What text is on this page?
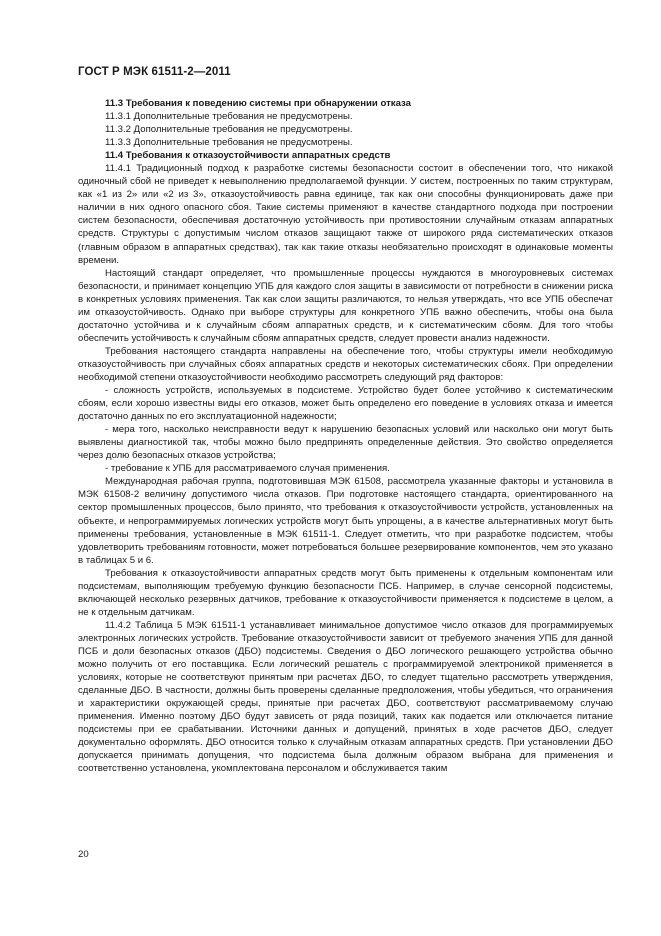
ГОСТ Р МЭК 61511-2—2011

11.3 Требования к поведению системы при обнаружении отказа

11.3.1 Дополнительные требования не предусмотрены.

11.3.2 Дополнительные требования не предусмотрены.

11.3.3 Дополнительные требования не предусмотрены.

11.4 Требования к отказоустойчивости аппаратных средств

11.4.1 Традиционный подход к разработке системы безопасности состоит в обеспечении того, что никакой одиночный сбой не приведет к невыполнению предполагаемой функции. У систем, построенных по таким структурам, как «1 из 2» или «2 из 3», отказоустойчивость равна единице, так как они способны функционировать даже при наличии в них одного опасного сбоя. Такие системы применяют в качестве стандартного подхода при построении систем безопасности, обеспечивая достаточную устойчивость при противостоянии случайным отказам аппаратных средств. Структуры с допустимым числом отказов защищают также от широкого ряда систематических отказов (главным образом в аппаратных средствах), так как такие отказы необязательно происходят в одинаковые моменты времени.

Настоящий стандарт определяет, что промышленные процессы нуждаются в многоуровневых системах безопасности, и принимает концепцию УПБ для каждого слоя защиты в зависимости от потребности в снижении риска в конкретных условиях применения. Так как слои защиты различаются, то нельзя утверждать, что все УПБ обеспечат им отказоустойчивость. Однако при выборе структуры для конкретного УПБ важно обеспечить, чтобы она была достаточно устойчива и к случайным сбоям аппаратных средств, и к систематическим сбоям. Для того чтобы обеспечить устойчивость к случайным сбоям аппаратных средств, следует провести анализ надежности.

Требования настоящего стандарта направлены на обеспечение того, чтобы структуры имели необходимую отказоустойчивость при случайных сбоях аппаратных средств и некоторых систематических сбоях. При определении необходимой степени отказоустойчивости необходимо рассмотреть следующий ряд факторов:

- сложность устройств, используемых в подсистеме. Устройство будет более устойчиво к систематическим сбоям, если хорошо известны виды его отказов, может быть определено его поведение в условиях отказа и имеется достаточно данных по его эксплуатационной надежности;

- мера того, насколько неисправности ведут к нарушению безопасных условий или насколько они могут быть выявлены диагностикой так, чтобы можно было предпринять определенные действия. Это свойство определяется через долю безопасных отказов устройства;

- требование к УПБ для рассматриваемого случая применения.

Международная рабочая группа, подготовившая МЭК 61508, рассмотрела указанные факторы и установила в МЭК 61508-2 величину допустимого числа отказов. При подготовке настоящего стандарта, ориентированного на сектор промышленных процессов, было принято, что требования к отказоустойчивости устройств, установленных на объекте, и непрограммируемых логических устройств могут быть упрощены, а в качестве альтернативных могут быть применены требования, установленные в МЭК 61511-1. Следует отметить, что при разработке подсистем, чтобы удовлетворить требованиям готовности, может потребоваться большее резервирование компонентов, чем это указано в таблицах 5 и 6.

Требования к отказоустойчивости аппаратных средств могут быть применены к отдельным компонентам или подсистемам, выполняющим требуемую функцию безопасности ПСБ. Например, в случае сенсорной подсистемы, включающей несколько резервных датчиков, требование к отказоустойчивости применяется к подсистеме в целом, а не к отдельным датчикам.

11.4.2 Таблица 5 МЭК 61511-1 устанавливает минимальное допустимое число отказов для программируемых электронных логических устройств. Требование отказоустойчивости зависит от требуемого значения УПБ для данной ПСБ и доли безопасных отказов (ДБО) подсистемы. Сведения о ДБО логического решающего устройства обычно можно получить от его поставщика. Если логический решатель с программируемой электроникой применяется в условиях, которые не соответствуют принятым при расчетах ДБО, то следует тщательно рассмотреть утверждения, сделанные ДБО. В частности, должны быть проверены сделанные предположения, чтобы убедиться, что ограничения и характеристики окружающей среды, принятые при расчетах ДБО, соответствуют рассматриваемому случаю применения. Именно поэтому ДБО будут зависеть от ряда позиций, таких как подается или отключается питание подсистемы при ее срабатывании. Источники данных и допущений, принятых в ходе расчетов ДБО, следует документально оформлять. ДБО относится только к случайным отказам аппаратных средств. При установлении ДБО допускается принимать допущения, что подсистема была должным образом выбрана для применения и соответственно установлена, укомплектована персоналом и обслуживается таким

20
